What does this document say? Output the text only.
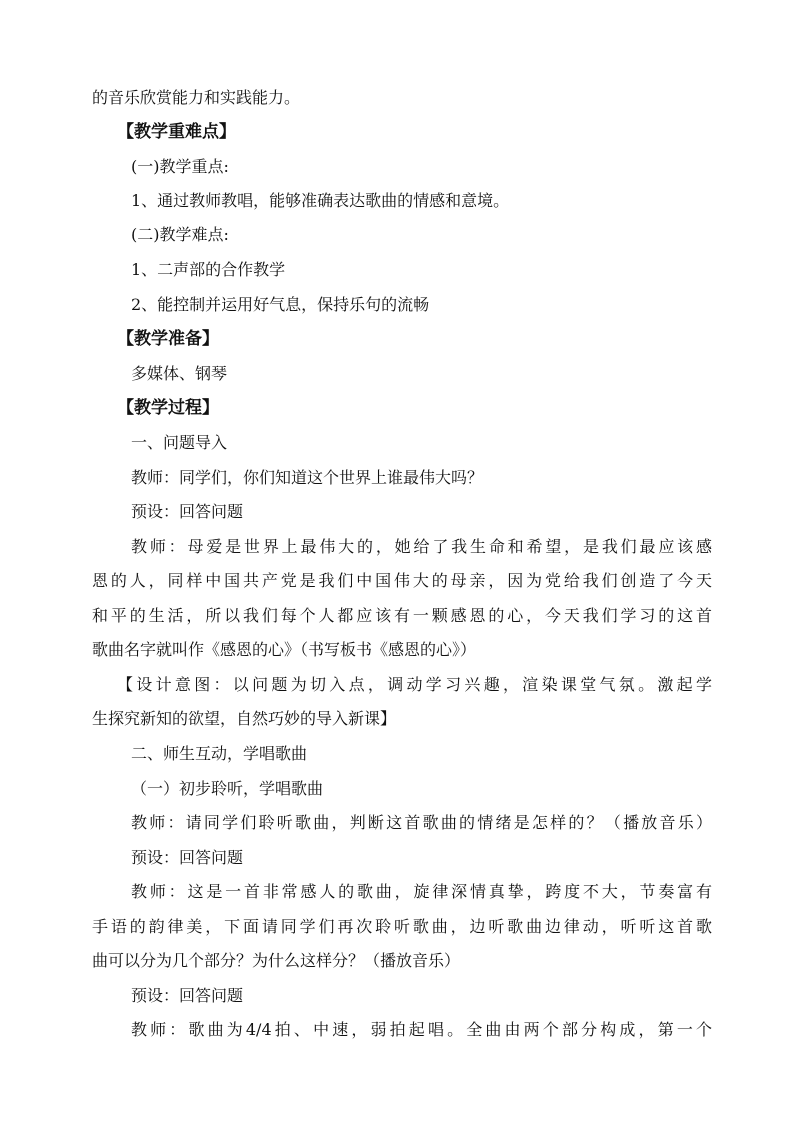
的音乐欣赏能力和实践能力。
【教学重难点】
(一)教学重点:
1、通过教师教唱，能够准确表达歌曲的情感和意境。
(二)教学难点:
1、二声部的合作教学
2、能控制并运用好气息，保持乐句的流畅
【教学准备】
多媒体、钢琴
【教学过程】
一、问题导入
教师：同学们，你们知道这个世界上谁最伟大吗？
预设：回答问题
教师：母爱是世界上最伟大的，她给了我生命和希望，是我们最应该感
恩的人，同样中国共产党是我们中国伟大的母亲，因为党给我们创造了今天
和平的生活，所以我们每个人都应该有一颗感恩的心，今天我们学习的这首
歌曲名字就叫作《感恩的心》（书写板书《感恩的心》）
【设计意图：以问题为切入点，调动学习兴趣，渲染课堂气氛。激起学
生探究新知的欲望，自然巧妙的导入新课】
二、师生互动，学唱歌曲
（一）初步聆听，学唱歌曲
教师：请同学们聆听歌曲，判断这首歌曲的情绪是怎样的？（播放音乐）
预设：回答问题
教师：这是一首非常感人的歌曲，旋律深情真挚，跨度不大，节奏富有
手语的韵律美，下面请同学们再次聆听歌曲，边听歌曲边律动，听听这首歌
曲可以分为几个部分？为什么这样分？（播放音乐）
预设：回答问题
教师：歌曲为4/4拍、中速，弱拍起唱。全曲由两个部分构成，第一个
